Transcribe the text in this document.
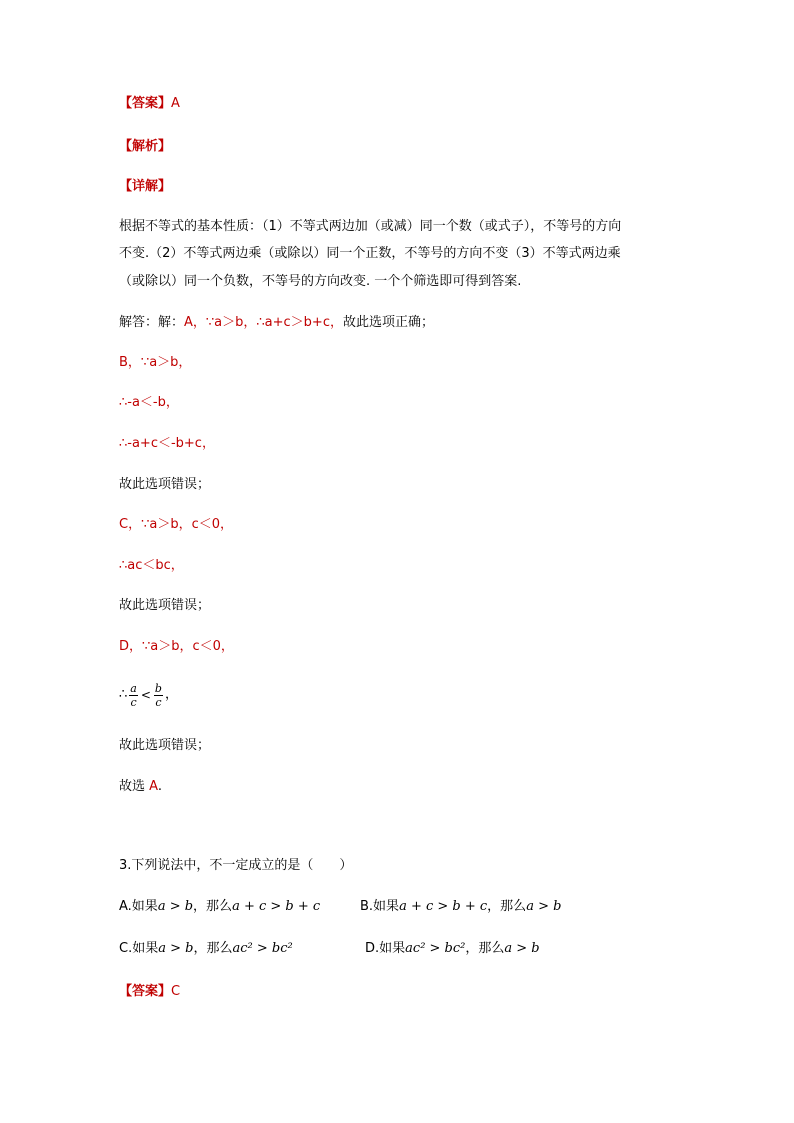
【答案】A
【解析】
【详解】
根据不等式的基本性质：（1）不等式两边加（或减）同一个数（或式子），不等号的方向
不变.（2）不等式两边乘（或除以）同一个正数，不等号的方向不变（3）不等式两边乘
（或除以）同一个负数，不等号的方向改变. 一个个筛选即可得到答案.
解答：解：A，∵a＞b，∴a+c＞b+c，故此选项正确；
B，∵a＞b，
∴-a＜-b，
∴-a+c＜-b+c，
故此选项错误；
C，∵a＞b，c＜0，
∴ac＜bc，
故此选项错误；
D，∵a＞b，c＜0，
∴ $\frac{a}{c} < \frac{b}{c}$ ，
故此选项错误；
故选 A.
3.下列说法中，不一定成立的是（　　）
A.如果a > b，那么a + c > b + c	B.如果a + c > b + c，那么a > b
C.如果a > b，那么ac² > bc²	D.如果ac² > bc²，那么a > b
【答案】C
